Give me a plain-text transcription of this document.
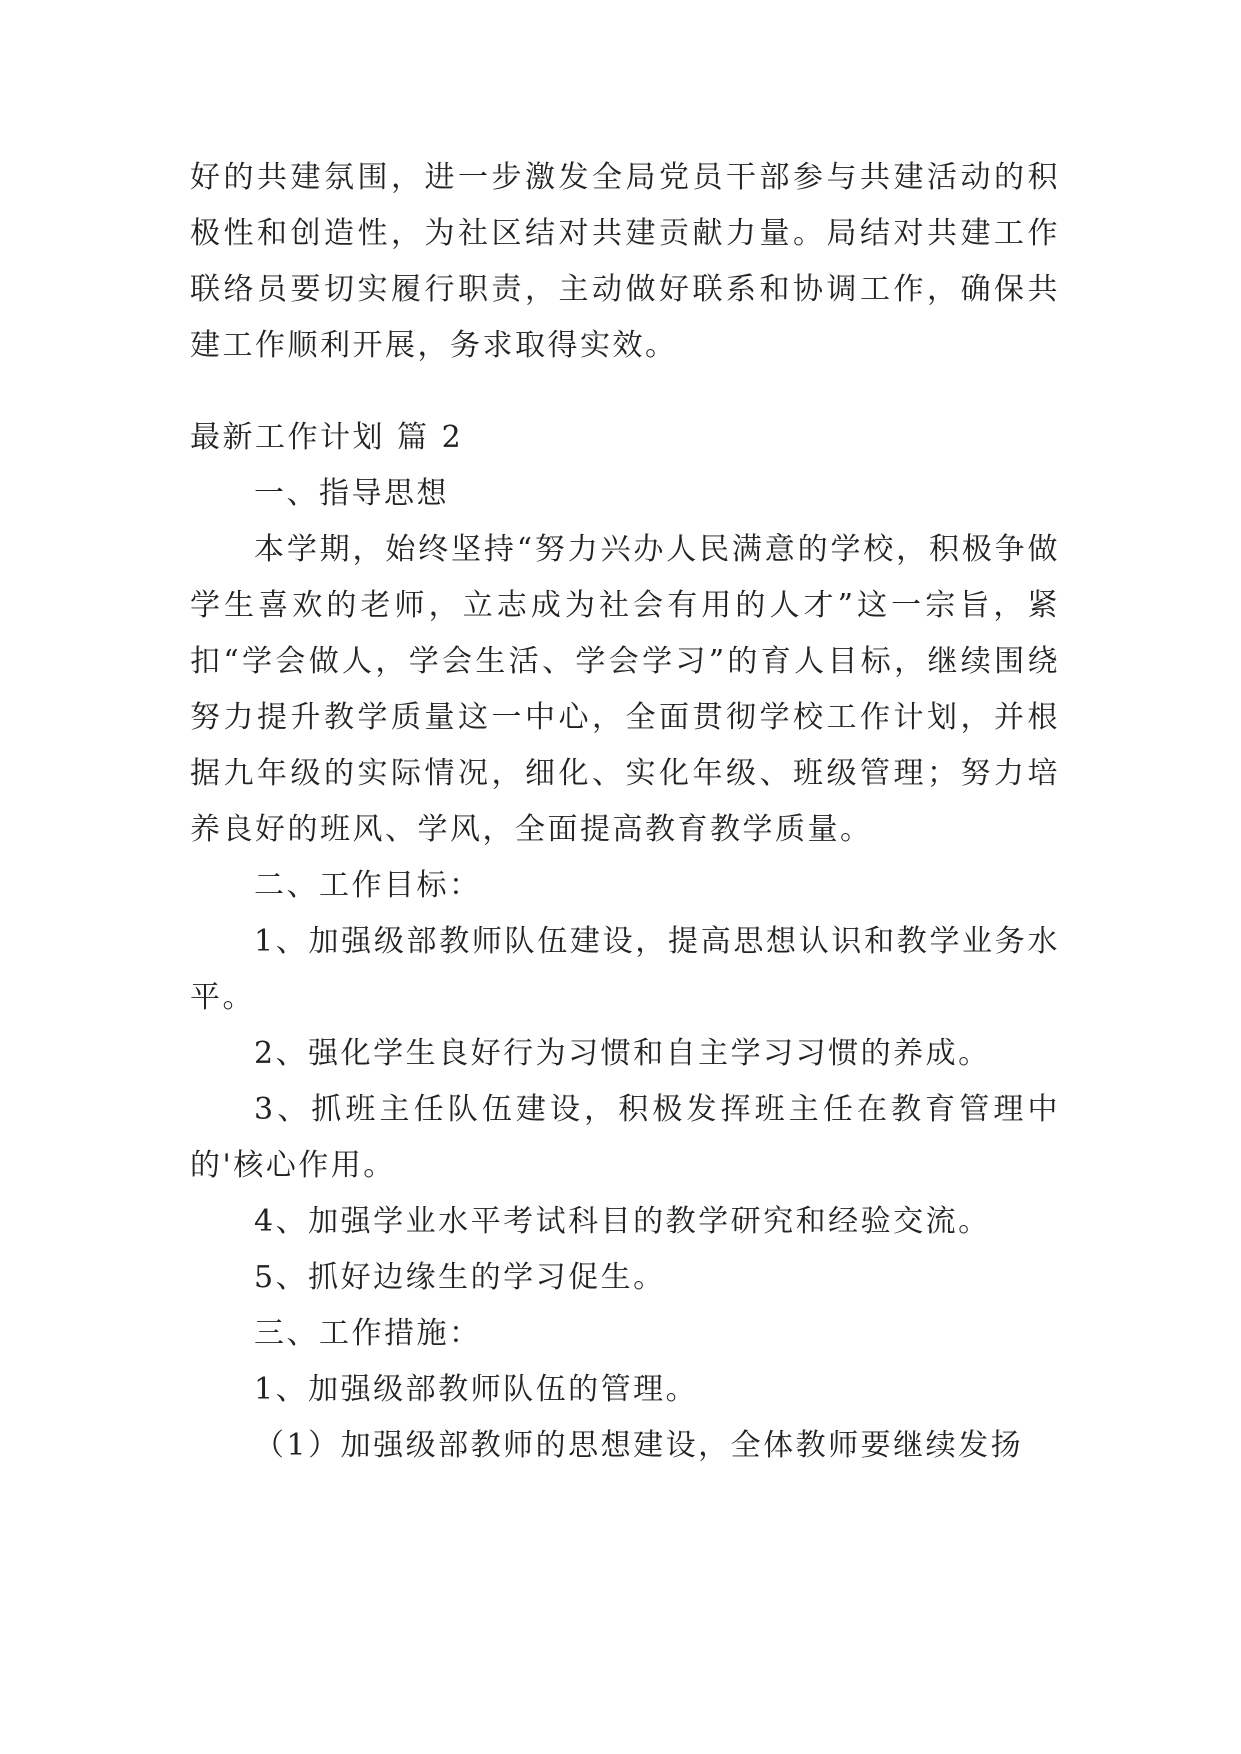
好的共建氛围，进一步激发全局党员干部参与共建活动的积极性和创造性，为社区结对共建贡献力量。局结对共建工作联络员要切实履行职责，主动做好联系和协调工作，确保共建工作顺利开展，务求取得实效。

最新工作计划 篇 2

一、指导思想

本学期，始终坚持“努力兴办人民满意的学校，积极争做学生喜欢的老师，立志成为社会有用的人才”这一宗旨，紧扣“学会做人，学会生活、学会学习”的育人目标，继续围绕努力提升教学质量这一中心，全面贯彻学校工作计划，并根据九年级的实际情况，细化、实化年级、班级管理；努力培养良好的班风、学风，全面提高教育教学质量。

二、工作目标：

1、加强级部教师队伍建设，提高思想认识和教学业务水平。

2、强化学生良好行为习惯和自主学习习惯的养成。

3、抓班主任队伍建设，积极发挥班主任在教育管理中的'核心作用。

4、加强学业水平考试科目的教学研究和经验交流。

5、抓好边缘生的学习促生。

三、工作措施：

1、加强级部教师队伍的管理。

（1）加强级部教师的思想建设，全体教师要继续发扬
